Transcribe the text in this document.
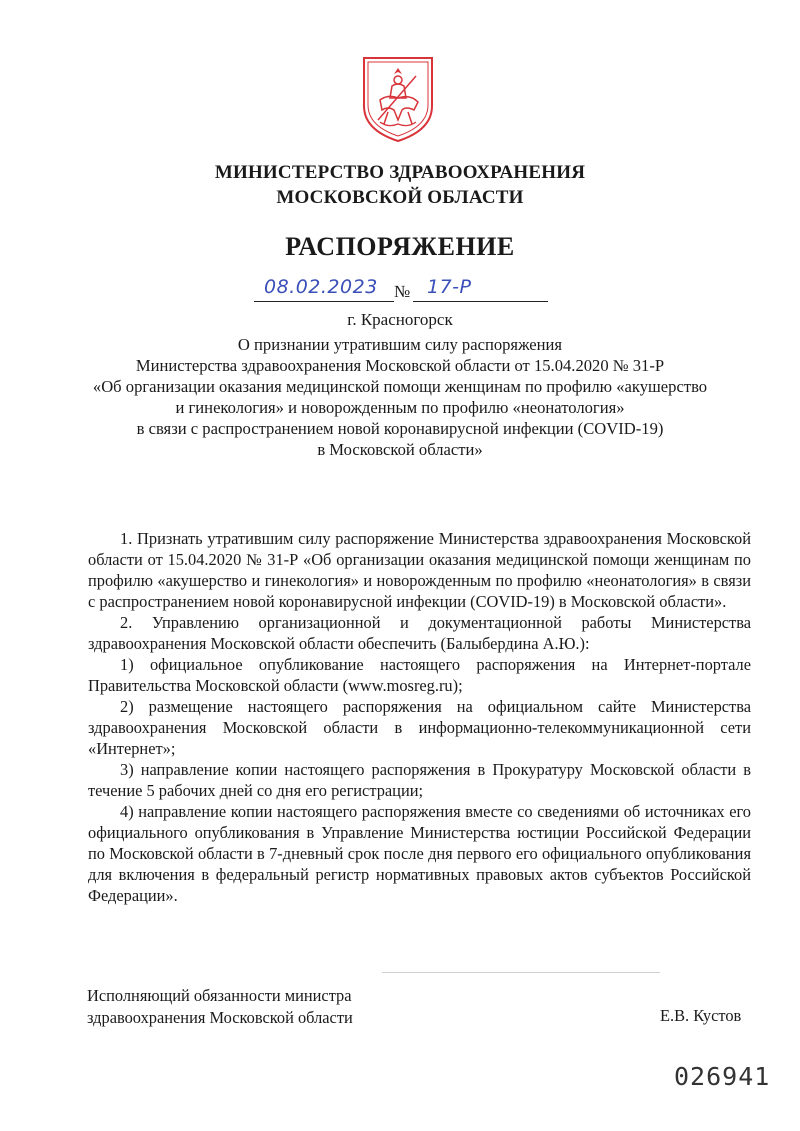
МИНИСТЕРСТВО ЗДРАВООХРАНЕНИЯ
МОСКОВСКОЙ ОБЛАСТИ
РАСПОРЯЖЕНИЕ
08.02.2023 № 17-Р
г. Красногорск
О признании утратившим силу распоряжения
Министерства здравоохранения Московской области от 15.04.2020 № 31-Р
«Об организации оказания медицинской помощи женщинам по профилю «акушерство
и гинекология» и новорожденным по профилю «неонатология»
в связи с распространением новой коронавирусной инфекции (COVID-19)
в Московской области»

1. Признать утратившим силу распоряжение Министерства здравоохранения Московской области от 15.04.2020 № 31-Р «Об организации оказания медицинской помощи женщинам по профилю «акушерство и гинекология» и новорожденным по профилю «неонатология» в связи с распространением новой коронавирусной инфекции (COVID-19) в Московской области».

2. Управлению организационной и документационной работы Министерства здравоохранения Московской области обеспечить (Балыбердина А.Ю.):

1) официальное опубликование настоящего распоряжения на Интернет-портале Правительства Московской области (www.mosreg.ru);

2) размещение настоящего распоряжения на официальном сайте Министерства здравоохранения Московской области в информационно-телекоммуникационной сети «Интернет»;

3) направление копии настоящего распоряжения в Прокуратуру Московской области в течение 5 рабочих дней со дня его регистрации;

4) направление копии настоящего распоряжения вместе со сведениями об источниках его официального опубликования в Управление Министерства юстиции Российской Федерации по Московской области в 7-дневный срок после дня первого его официального опубликования для включения в федеральный регистр нормативных правовых актов субъектов Российской Федерации».

Исполняющий обязанности министра
здравоохранения Московской области	Е.В. Кустов
026941
